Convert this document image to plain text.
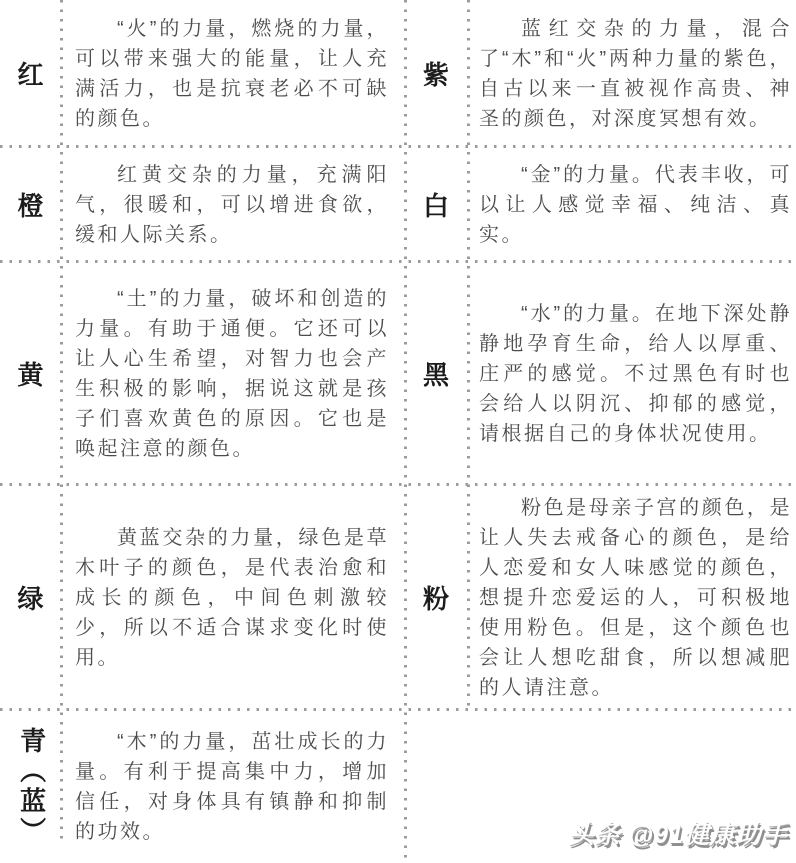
红
“火”的力量，燃烧的力量，可以带来强大的能量，让人充满活力，也是抗衰老必不可缺的颜色。
紫
蓝红交杂的力量，混合了“木”和“火”两种力量的紫色，自古以来一直被视作高贵、神圣的颜色，对深度冥想有效。
橙
红黄交杂的力量，充满阳气，很暖和，可以增进食欲，缓和人际关系。
白
“金”的力量。代表丰收，可以让人感觉幸福、纯洁、真实。
黄
“土”的力量，破坏和创造的力量。有助于通便。它还可以让人心生希望，对智力也会产生积极的影响，据说这就是孩子们喜欢黄色的原因。它也是唤起注意的颜色。
黑
“水”的力量。在地下深处静静地孕育生命，给人以厚重、庄严的感觉。不过黑色有时也会给人以阴沉、抑郁的感觉，请根据自己的身体状况使用。
绿
黄蓝交杂的力量，绿色是草木叶子的颜色，是代表治愈和成长的颜色，中间色刺激较少，所以不适合谋求变化时使用。
粉
粉色是母亲子宫的颜色，是让人失去戒备心的颜色，是给人恋爱和女人味感觉的颜色，想提升恋爱运的人，可积极地使用粉色。但是，这个颜色也会让人想吃甜食，所以想减肥的人请注意。
青（蓝）	“木”的力量，茁壮成长的力量。有利于提高集中力，增加信任，对身体具有镇静和抑制的功效。	头条 @91健康助手
